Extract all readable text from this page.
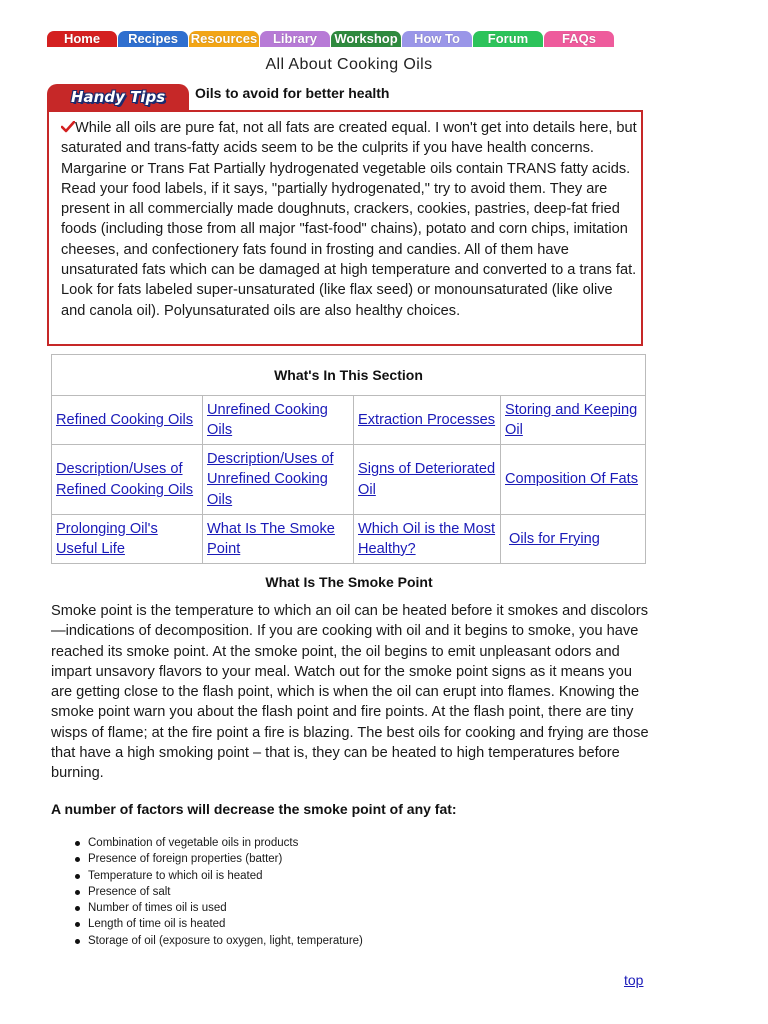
Home	Recipes Resources	Library	Workshop	How To	Forum	FAQs
All About Cooking Oils
Handy Tips Oils to avoid for better health
While all oils are pure fat, not all fats are created equal. I won't get into details here, but saturated and trans-fatty acids seem to be the culprits if you have health concerns. Margarine or Trans Fat Partially hydrogenated vegetable oils contain TRANS fatty acids. Read your food labels, if it says, "partially hydrogenated," try to avoid them. They are present in all commercially made doughnuts, crackers, cookies, pastries, deep-fat fried foods (including those from all major "fast-food" chains), potato and corn chips, imitation cheeses, and confectionery fats found in frosting and candies. All of them have unsaturated fats which can be damaged at high temperature and converted to a trans fat. Look for fats labeled super-unsaturated (like flax seed) or monounsaturated (like olive and canola oil). Polyunsaturated oils are also healthy choices.
What's In This Section			
Refined Cooking Oils	Unrefined Cooking Oils	Extraction Processes	Storing and Keeping Oil
Description/Uses of Refined Cooking Oils	Description/Uses of Unrefined Cooking Oils	Signs of Deteriorated Oil	Composition Of Fats
Prolonging Oil's Useful Life	What Is The Smoke Point	Which Oil is the Most Healthy?	Oils for Frying
What Is The Smoke Point
Smoke point is the temperature to which an oil can be heated before it smokes and discolors—indications of decomposition. If you are cooking with oil and it begins to smoke, you have reached its smoke point. At the smoke point, the oil begins to emit unpleasant odors and impart unsavory flavors to your meal. Watch out for the smoke point signs as it means you are getting close to the flash point, which is when the oil can erupt into flames. Knowing the smoke point warn you about the flash point and fire points. At the flash point, there are tiny wisps of flame; at the fire point a fire is blazing. The best oils for cooking and frying are those that have a high smoking point – that is, they can be heated to high temperatures before burning.
A number of factors will decrease the smoke point of any fat:
Combination of vegetable oils in products
Presence of foreign properties (batter)
Temperature to which oil is heated
Presence of salt
Number of times oil is used
Length of time oil is heated
Storage of oil (exposure to oxygen, light, temperature)
top
